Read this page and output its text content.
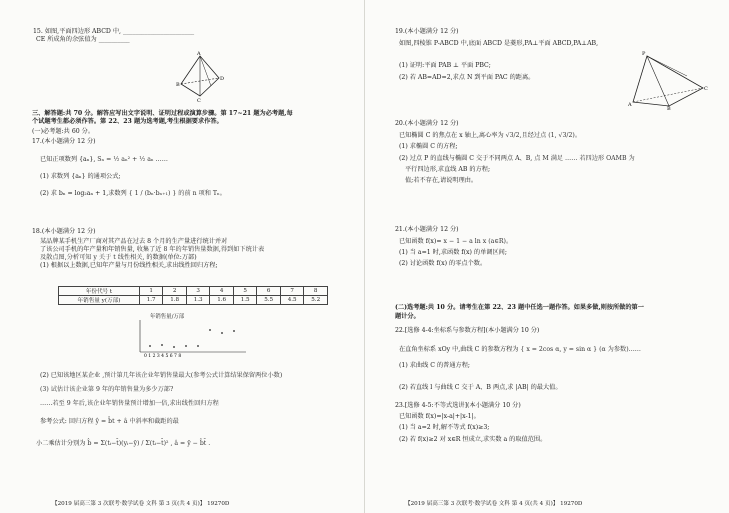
15. 如图,平面四边形 ABCD 中, _______________________
CE 所成角的余弦值为 __________
A
B
D
C
三、解答题:共 70 分。解答应写出文字说明、证明过程或演算步骤。第 17~21 题为必考题,每
个试题考生都必须作答。第 22、23 题为选考题,考生根据要求作答。
(一)必考题:共 60 分。
17.(本小题满分 12 分)
已知正项数列 {aₙ}, Sₙ = ½ aₙ² + ½ aₙ ……
(1) 求数列 {aₙ} 的通项公式;
(2) 求 bₙ = log₂aₙ + 1,求数列 { 1 / (bₙ·bₙ₊₁) } 的前 n 项和 Tₙ。
18.(本小题满分 12 分)
某品牌某手机生产厂商对其产品在过去 8 个月的生产量进行统计并对
了该公司手机的年产量和年销售量, 收集了近 8 年的年销售量数据,得到如下统计表
及散点图,分析可知 y 关于 t 线性相关, 的数据(单位:万部)
(1) 根据以上数据,已知年产量与月份线性相关,求出线性回归方程;
年份代号 t	1	2	3	4	5	6	7	8
年销售量 y(万部)	1.7	1.8	1.3	1.6	1.5	5.5	4.5	5.2
年销售量/万部
0 1 2 3 4 5 6 7 8
(2) 已知该地区某企业 ,预计第几年该企业年销售量最大(参考公式计算结果保留两位小数)
(3) 试估计该企业第 9 年的年销售量为多少万部?
……若至 9 年后,该企业年销售量预计增加一倍,求出线性回归方程
参考公式: 回归方程 ŷ = b̂t + â 中斜率和截距的最
小二乘估计分别为 b̂ = Σ(tᵢ−t̄)(yᵢ−ȳ) / Σ(tᵢ−t̄)² , â = ȳ − b̂t̄ .
【2019 届高三第 3 次联考·数学试卷 文科 第 3 页(共 4 页)】 19270D
19.(本小题满分 12 分)
如图,四棱锥 P-ABCD 中,底面 ABCD 是菱形,PA⊥平面 ABCD,PA⊥AB,
(1) 证明:平面 PAB ⊥ 平面 PBC;
(2) 若 AB=AD=2,求点 N 到平面 PAC 的距离。
P
A
C
B
20.(本小题满分 12 分)
已知椭圆 C 的焦点在 x 轴上,离心率为 √3/2,且经过点 (1, √3/2)。
(1) 求椭圆 C 的方程;
(2) 过点 P 的直线与椭圆 C 交于不同两点 A、B, 点 M 满足 …… 若四边形 OAMB 为
平行四边形,求直线 AB 的方程;
值;若不存在,请说明理由。
21.(本小题满分 12 分)
已知函数 f(x)= x − 1 − a ln x (a∈R)。
(1) 当 a=1 时,求函数 f(x) 的单调区间;
(2) 讨论函数 f(x) 的零点个数。
(二)选考题:共 10 分。请考生在第 22、23 题中任选一题作答。如果多做,则按所做的第一
题计分。
22.[选修 4-4:坐标系与参数方程](本小题满分 10 分)
在直角坐标系 xOy 中,曲线 C 的参数方程为 { x = 2cos α, y = sin α } (α 为参数)……
(1) 求曲线 C 的普通方程;
(2) 若直线 l 与曲线 C 交于 A、B 两点,求 |AB| 的最大值。
23.[选修 4-5:不等式选讲](本小题满分 10 分)
已知函数 f(x)=|x-a|+|x-1|。
(1) 当 a=2 时,解不等式 f(x)≥3;
(2) 若 f(x)≥2 对 x∈R 恒成立,求实数 a 的取值范围。
【2019 届高三第 3 次联考·数学试卷 文科 第 4 页(共 4 页)】 19270D
